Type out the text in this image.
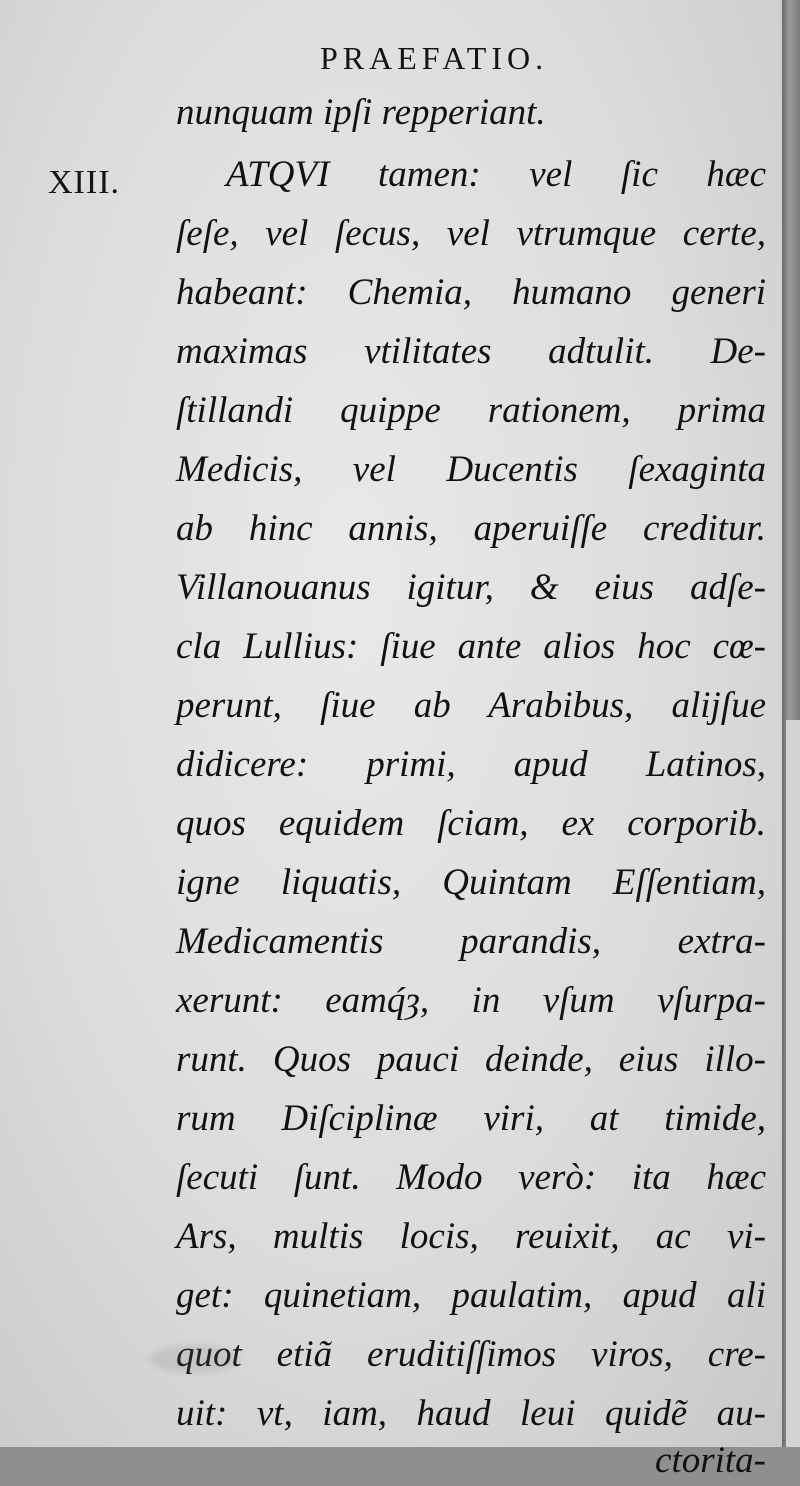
PRAEFATIO.
XIII.
nunquam ipſi repperiant.
ATQVI tamen: vel ſic hæc
ſeſe, vel ſecus, vel vtrumque certe,
habeant: Chemia, humano generi
maximas vtilitates adtulit. De-
ſtillandi quippe rationem, prima
Medicis, vel Ducentis ſexaginta
ab hinc annis, aperuiſſe creditur.
Villanouanus igitur, & eius adſe-
cla Lullius: ſiue ante alios hoc cœ-
perunt, ſiue ab Arabibus, alijſue
didicere: primi, apud Latinos,
quos equidem ſciam, ex corporib.
igne liquatis, Quintam Eſſentiam,
Medicamentis parandis, extra-
xerunt: eamq́ȝ, in vſum vſurpa-
runt. Quos pauci deinde, eius illo-
rum Diſciplinæ viri, at timide,
ſecuti ſunt. Modo verò: ita hæc
Ars, multis locis, reuixit, ac vi-
get: quinetiam, paulatim, apud ali
quot etiã eruditiſſimos viros, cre-
uit: vt, iam, haud leui quidẽ au-
ctorita-
